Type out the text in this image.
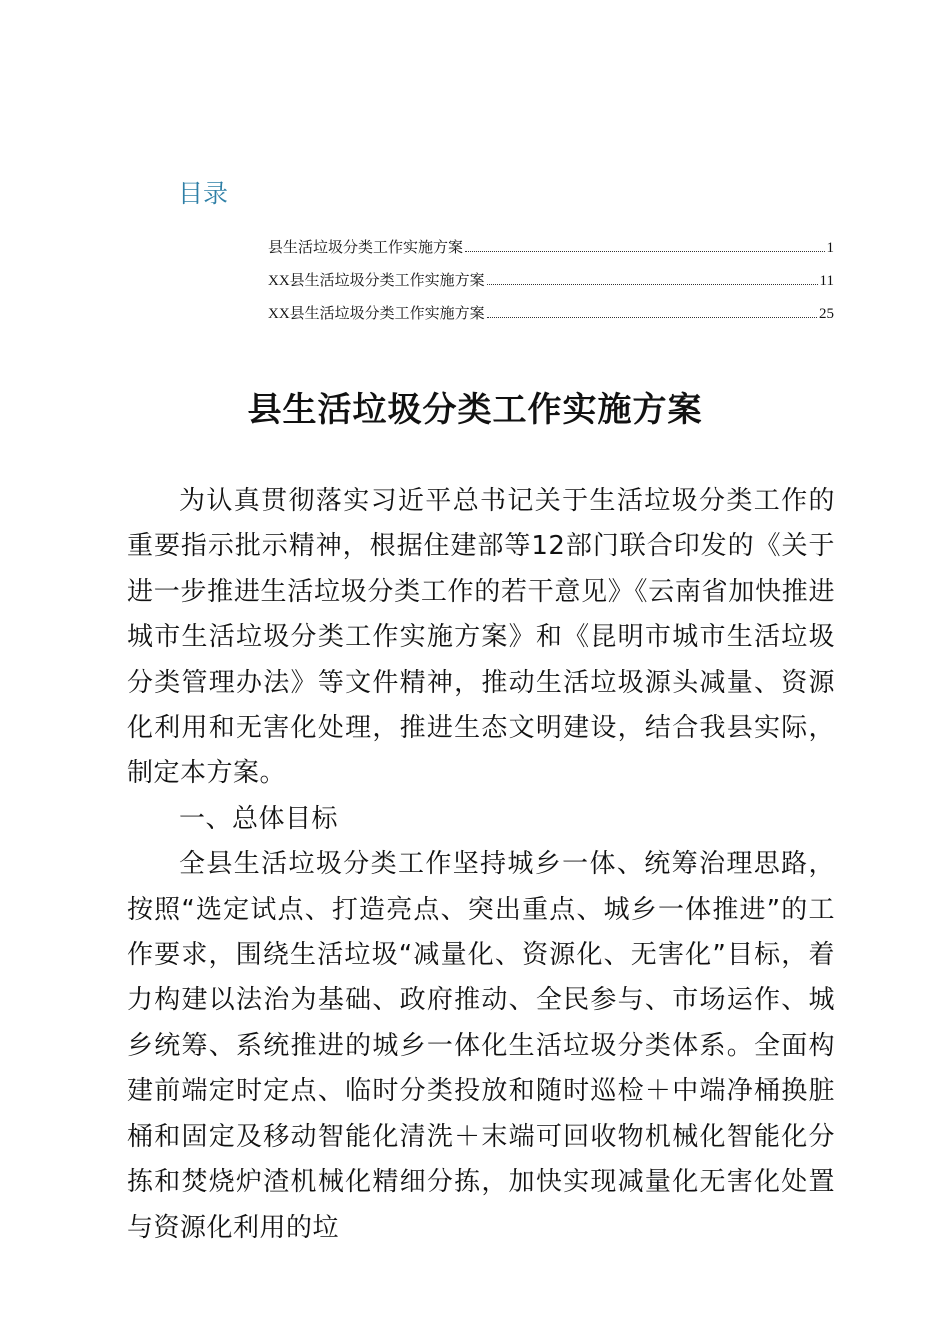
目录
县生活垃圾分类工作实施方案	1
XX县生活垃圾分类工作实施方案	11
XX县生活垃圾分类工作实施方案	25
县生活垃圾分类工作实施方案

为认真贯彻落实习近平总书记关于生活垃圾分类工作的重要指示批示精神，根据住建部等12部门联合印发的《关于进一步推进生活垃圾分类工作的若干意见》《云南省加快推进城市生活垃圾分类工作实施方案》和《昆明市城市生活垃圾分类管理办法》等文件精神，推动生活垃圾源头减量、资源化利用和无害化处理，推进生态文明建设，结合我县实际，制定本方案。

一、总体目标

全县生活垃圾分类工作坚持城乡一体、统筹治理思路，按照“选定试点、打造亮点、突出重点、城乡一体推进”的工作要求，围绕生活垃圾“减量化、资源化、无害化”目标，着力构建以法治为基础、政府推动、全民参与、市场运作、城乡统筹、系统推进的城乡一体化生活垃圾分类体系。全面构建前端定时定点、临时分类投放和随时巡检＋中端净桶换脏桶和固定及移动智能化清洗＋末端可回收物机械化智能化分拣和焚烧炉渣机械化精细分拣，加快实现减量化无害化处置与资源化利用的垃
